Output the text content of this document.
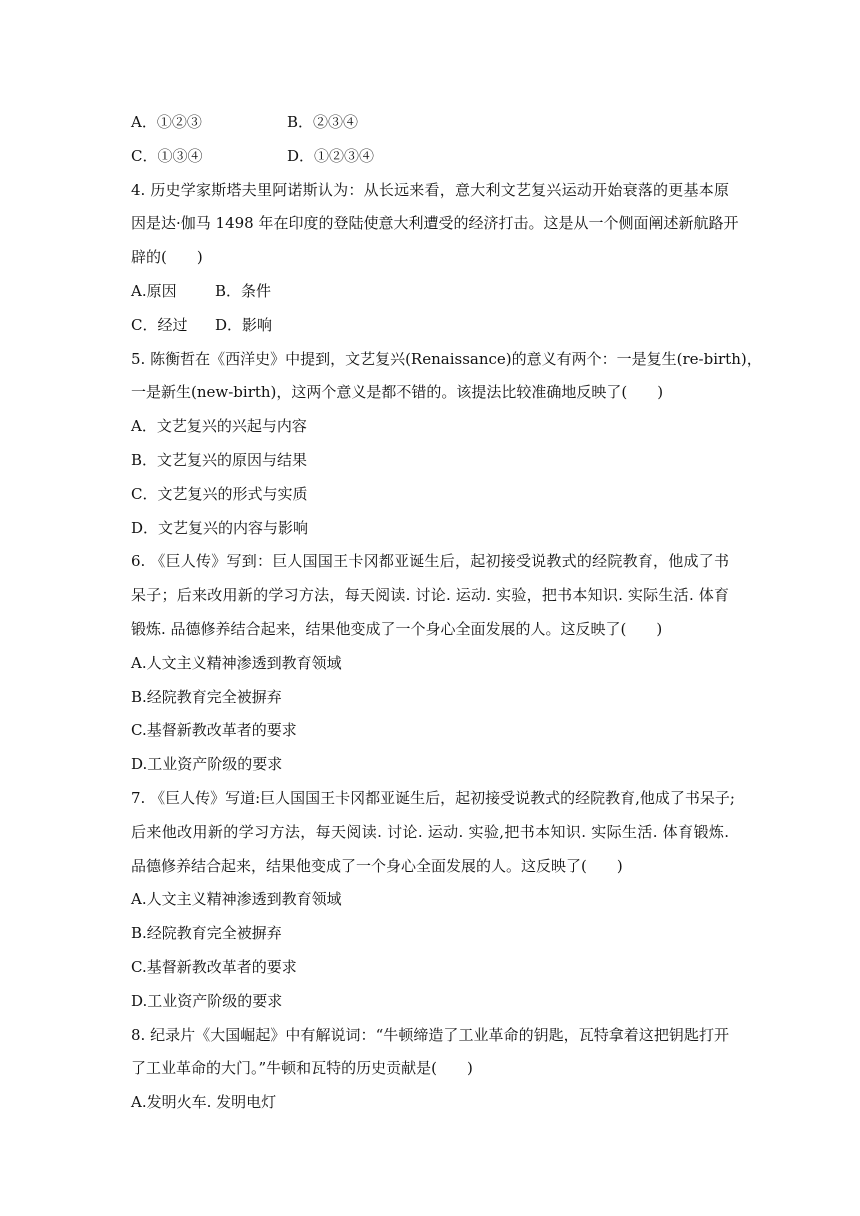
A．①②③	B．②③④
C．①③④	D．①②③④
4. 历史学家斯塔夫里阿诺斯认为：从长远来看，意大利文艺复兴运动开始衰落的更基本原
因是达·伽马 1498 年在印度的登陆使意大利遭受的经济打击。这是从一个侧面阐述新航路开
辟的(　　)
A.原因	B．条件
C．经过 D．影响
5. 陈衡哲在《西洋史》中提到，文艺复兴(Renaissance)的意义有两个：一是复生(re-birth)，
一是新生(new-birth)，这两个意义是都不错的。该提法比较准确地反映了(　　)
A．文艺复兴的兴起与内容
B．文艺复兴的原因与结果
C．文艺复兴的形式与实质
D．文艺复兴的内容与影响
6. 《巨人传》写到：巨人国国王卡冈都亚诞生后，起初接受说教式的经院教育，他成了书
呆子；后来改用新的学习方法，每天阅读. 讨论. 运动. 实验，把书本知识. 实际生活. 体育
锻炼. 品德修养结合起来，结果他变成了一个身心全面发展的人。这反映了(　　)
A.人文主义精神渗透到教育领域
B.经院教育完全被摒弃
C.基督新教改革者的要求
D.工业资产阶级的要求
7. 《巨人传》写道:巨人国国王卡冈都亚诞生后，起初接受说教式的经院教育,他成了书呆子;
后来他改用新的学习方法，每天阅读. 讨论. 运动. 实验,把书本知识. 实际生活. 体育锻炼.
品德修养结合起来，结果他变成了一个身心全面发展的人。这反映了(　　)
A.人文主义精神渗透到教育领域
B.经院教育完全被摒弃
C.基督新教改革者的要求
D.工业资产阶级的要求
8. 纪录片《大国崛起》中有解说词：“牛顿缔造了工业革命的钥匙，瓦特拿着这把钥匙打开
了工业革命的大门。”牛顿和瓦特的历史贡献是(　　)
A.发明火车. 发明电灯
